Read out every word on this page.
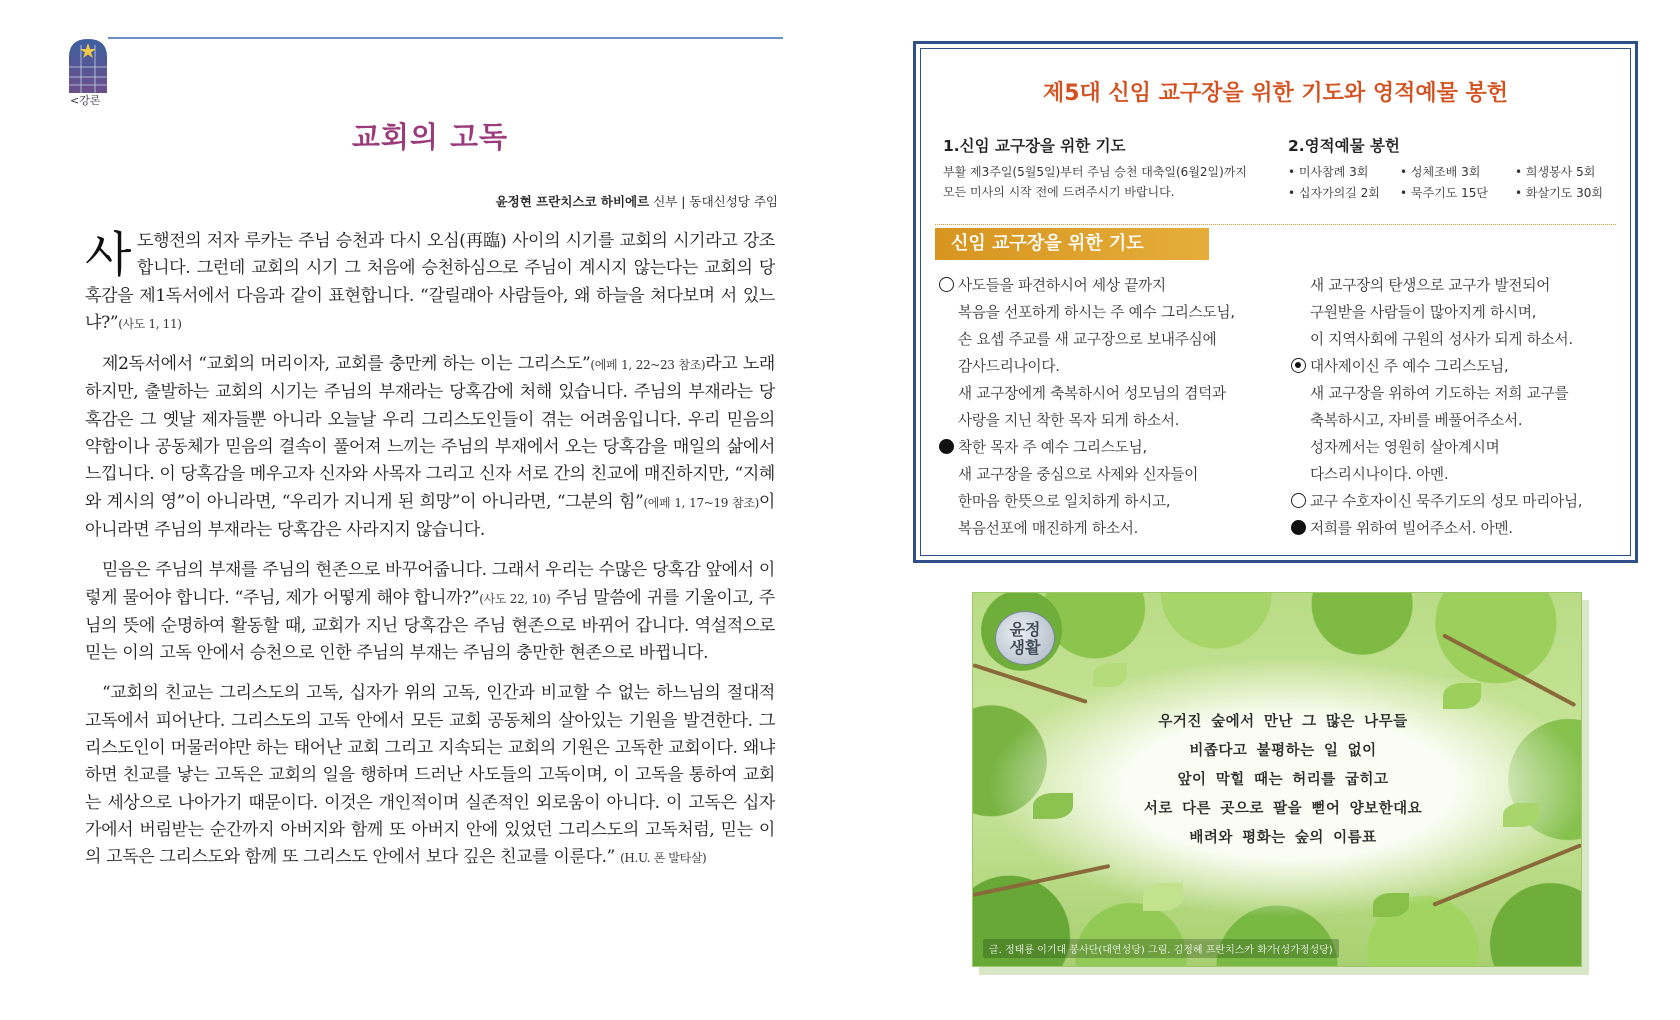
<강론
교회의 고독
윤정현 프란치스코 하비에르 신부 | 동대신성당 주임

사도행전의 저자 루카는 주님 승천과 다시 오심(再臨) 사이의 시기를 교회의 시기라고 강조합니다. 그런데 교회의 시기 그 처음에 승천하심으로 주님이 계시지 않는다는 교회의 당혹감을 제1독서에서 다음과 같이 표현합니다. “갈릴래아 사람들아, 왜 하늘을 쳐다보며 서 있느냐?”(사도 1, 11)

제2독서에서 “교회의 머리이자, 교회를 충만케 하는 이는 그리스도”(에페 1, 22~23 참조)라고 노래하지만, 출발하는 교회의 시기는 주님의 부재라는 당혹감에 처해 있습니다. 주님의 부재라는 당혹감은 그 옛날 제자들뿐 아니라 오늘날 우리 그리스도인들이 겪는 어려움입니다. 우리 믿음의 약함이나 공동체가 믿음의 결속이 풀어져 느끼는 주님의 부재에서 오는 당혹감을 매일의 삶에서 느낍니다. 이 당혹감을 메우고자 신자와 사목자 그리고 신자 서로 간의 친교에 매진하지만, “지혜와 계시의 영”이 아니라면, “우리가 지니게 된 희망”이 아니라면, “그분의 힘”(에페 1, 17~19 참조)이 아니라면 주님의 부재라는 당혹감은 사라지지 않습니다.

믿음은 주님의 부재를 주님의 현존으로 바꾸어줍니다. 그래서 우리는 수많은 당혹감 앞에서 이렇게 물어야 합니다. “주님, 제가 어떻게 해야 합니까?”(사도 22, 10) 주님 말씀에 귀를 기울이고, 주님의 뜻에 순명하여 활동할 때, 교회가 지닌 당혹감은 주님 현존으로 바뀌어 갑니다. 역설적으로 믿는 이의 고독 안에서 승천으로 인한 주님의 부재는 주님의 충만한 현존으로 바뀝니다.

“교회의 친교는 그리스도의 고독, 십자가 위의 고독, 인간과 비교할 수 없는 하느님의 절대적 고독에서 피어난다. 그리스도의 고독 안에서 모든 교회 공동체의 살아있는 기원을 발견한다. 그리스도인이 머물러야만 하는 태어난 교회 그리고 지속되는 교회의 기원은 고독한 교회이다. 왜냐하면 친교를 낳는 고독은 교회의 일을 행하며 드러난 사도들의 고독이며, 이 고독을 통하여 교회는 세상으로 나아가기 때문이다. 이것은 개인적이며 실존적인 외로움이 아니다. 이 고독은 십자가에서 버림받는 순간까지 아버지와 함께 또 아버지 안에 있었던 그리스도의 고독처럼, 믿는 이의 고독은 그리스도와 함께 또 그리스도 안에서 보다 깊은 친교를 이룬다.” (H.U. 폰 발타살)

제5대 신임 교구장을 위한 기도와 영적예물 봉헌
1.신임 교구장을 위한 기도
부활 제3주일(5월5일)부터 주님 승천 대축일(6월2일)까지
모든 미사의 시작 전에 드려주시기 바랍니다.
2.영적예물 봉헌
• 미사참례 3회	• 성체조배 3회	• 희생봉사 5회
• 십자가의길 2회	• 묵주기도 15단	• 화살기도 30회
신임 교구장을 위한 기도
사도들을 파견하시어 세상 끝까지
복음을 선포하게 하시는 주 예수 그리스도님,
손 요셉 주교를 새 교구장으로 보내주심에
감사드리나이다.
새 교구장에게 축복하시어 성모님의 겸덕과
사랑을 지닌 착한 목자 되게 하소서.
착한 목자 주 예수 그리스도님,
새 교구장을 중심으로 사제와 신자들이
한마음 한뜻으로 일치하게 하시고,
복음선포에 매진하게 하소서.
새 교구장의 탄생으로 교구가 발전되어
구원받을 사람들이 많아지게 하시며,
이 지역사회에 구원의 성사가 되게 하소서.
대사제이신 주 예수 그리스도님,
새 교구장을 위하여 기도하는 저희 교구를
축복하시고, 자비를 베풀어주소서.
성자께서는 영원히 살아계시며
다스리시나이다. 아멘.
교구 수호자이신 묵주기도의 성모 마리아님,
저희를 위하여 빌어주소서. 아멘.
윤정
생활
우거진 숲에서 만난 그 많은 나무들
비좁다고 불평하는 일 없이
앞이 막힐 때는 허리를 굽히고
서로 다른 곳으로 팔을 뻗어 양보한대요
배려와 평화는 숲의 이름표
글. 정태룡 이기대 봉사단(대연성당) 그림. 김정혜 프란치스카 화가(성가정성당)
